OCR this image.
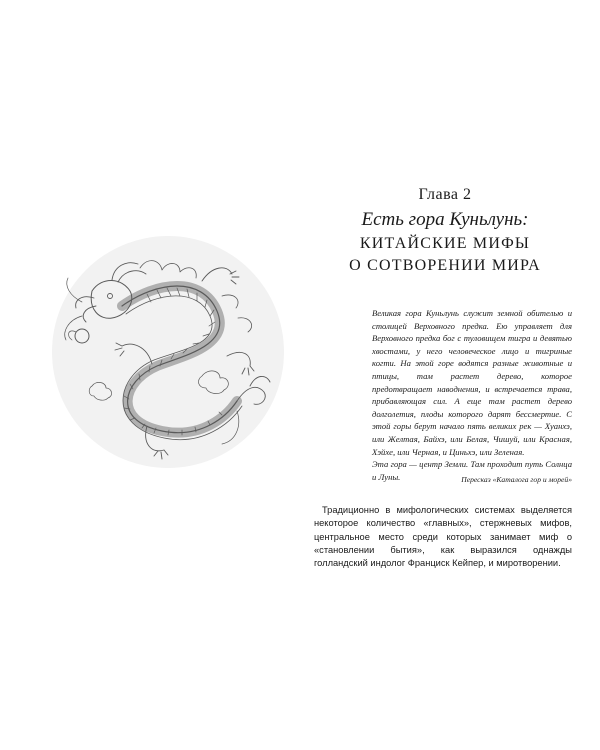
Глава 2
Есть гора Куньлунь:
КИТАЙСКИЕ МИФЫ
О СОТВОРЕНИИ МИРА

Великая гора Куньлунь служит земной обителью и столицей Верховного предка. Ею управляет для Верховного предка бог с туловищем тигра и девятью хвостами, у него человеческое лицо и тигриные когти. На этой горе водятся разные животные и птицы, там растет дерево, которое предотвращает наводнения, и встречается трава, прибавляющая сил. А еще там растет дерево долголетия, плоды которого дарят бессмертие. С этой горы берут начало пять великих рек — Хуанхэ, или Желтая, Байхэ, или Белая, Чишуй, или Красная, Хэйхе, или Черная, и Циньхэ, или Зеленая.

Эта гора — центр Земли. Там проходит путь Солнца и Луны.	Пересказ «Каталога гор и морей»

Традиционно в мифологических системах выделяется некоторое количество «главных», стержневых мифов, центральное место среди которых занимает миф о «становлении бытия», как выразился однажды голландский индолог Франциск Кейпер, и миротворении.
